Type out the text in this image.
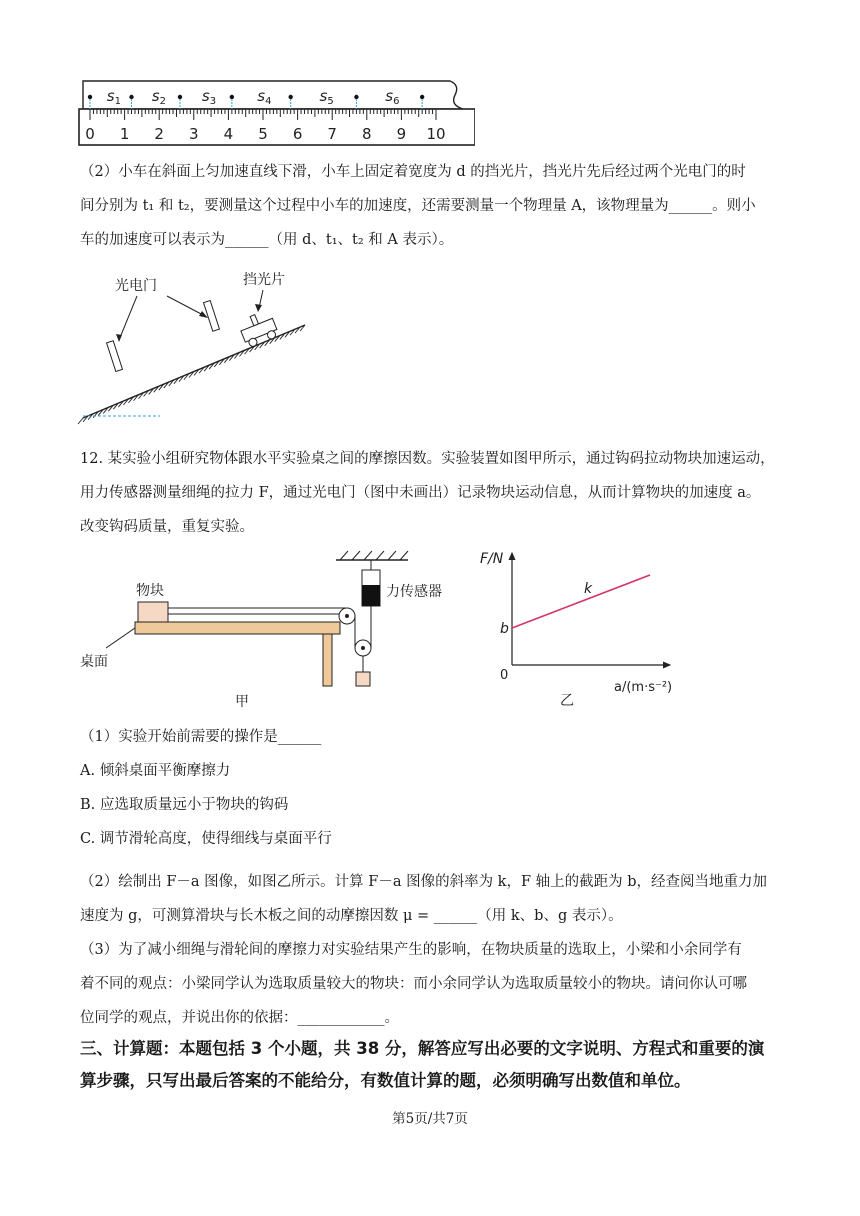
$s_1$ $s_2$ $s_3$	$s_4$	$s_5$	$s_6$
0 1 2 3 4 5 6 7 8 9 10
（2）小车在斜面上匀加速直线下滑，小车上固定着宽度为 d 的挡光片，挡光片先后经过两个光电门的时
间分别为 t₁ 和 t₂，要测量这个过程中小车的加速度，还需要测量一个物理量 A，该物理量为______。则小
车的加速度可以表示为______（用 d、t₁、t₂ 和 A 表示）。
光电门	挡光片
12. 某实验小组研究物体跟水平实验桌之间的摩擦因数。实验装置如图甲所示，通过钩码拉动物块加速运动，
用力传感器测量细绳的拉力 F，通过光电门（图中未画出）记录物块运动信息，从而计算物块的加速度 a。
改变钩码质量，重复实验。
力传感器
物块
桌面
甲
F/N
0
b
k
a/(m·s⁻²)
乙
（1）实验开始前需要的操作是______
A. 倾斜桌面平衡摩擦力
B. 应选取质量远小于物块的钩码
C. 调节滑轮高度，使得细线与桌面平行
（2）绘制出 F－a 图像，如图乙所示。计算 F－a 图像的斜率为 k，F 轴上的截距为 b，经查阅当地重力加
速度为 g，可测算滑块与长木板之间的动摩擦因数 μ = ______（用 k、b、g 表示）。
（3）为了减小细绳与滑轮间的摩擦力对实验结果产生的影响，在物块质量的选取上，小梁和小余同学有
着不同的观点：小梁同学认为选取质量较大的物块：而小余同学认为选取质量较小的物块。请问你认可哪
位同学的观点，并说出你的依据：____________。
三、计算题：本题包括 3 个小题，共 38 分，解答应写出必要的文字说明、方程式和重要的演
算步骤，只写出最后答案的不能给分，有数值计算的题，必须明确写出数值和单位。
第5页/共7页
